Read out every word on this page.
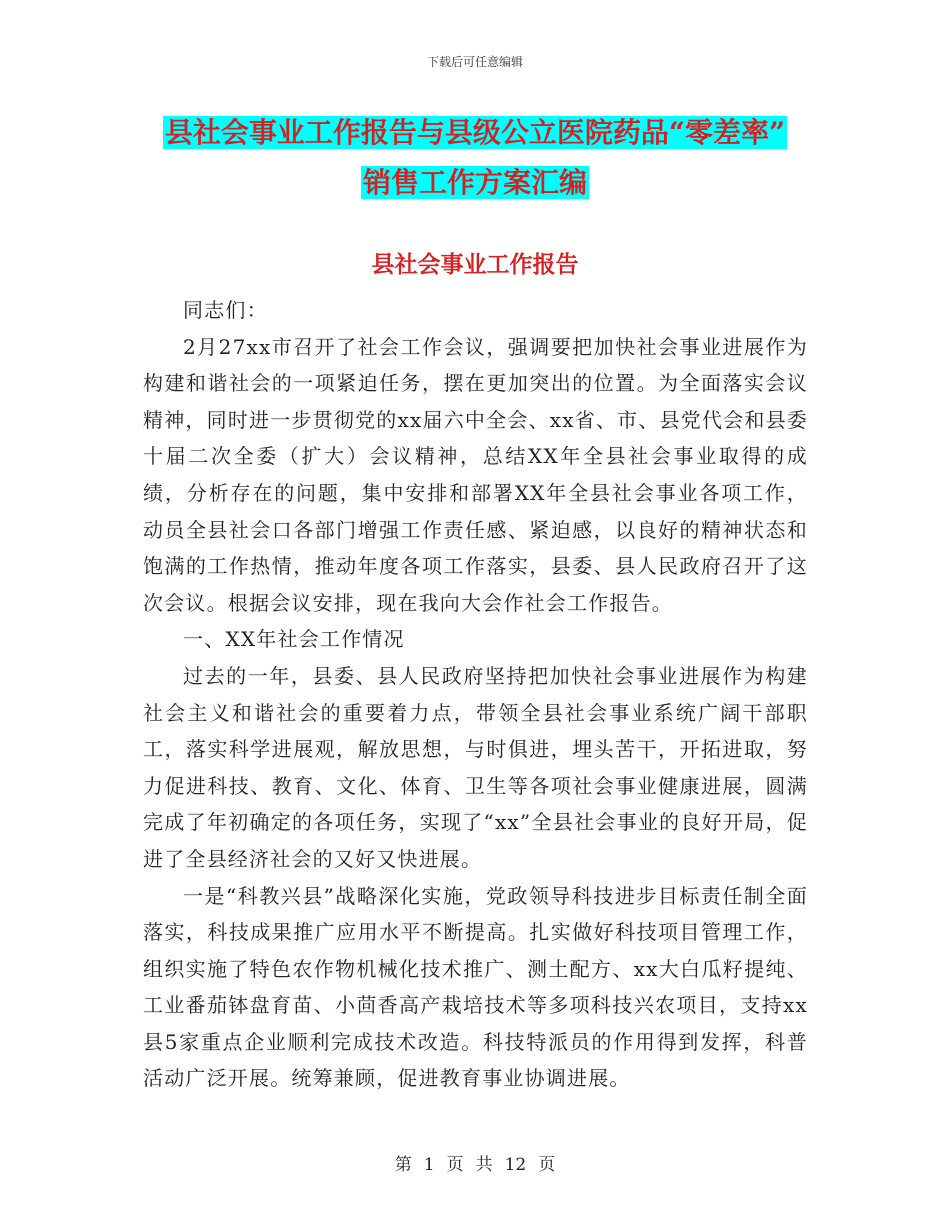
下载后可任意编辑
县社会事业工作报告与县级公立医院药品“零差率”
销售工作方案汇编
县社会事业工作报告

同志们：

2月27xx市召开了社会工作会议，强调要把加快社会事业进展作为构建和谐社会的一项紧迫任务，摆在更加突出的位置。为全面落实会议精神，同时进一步贯彻党的xx届六中全会、xx省、市、县党代会和县委十届二次全委（扩大）会议精神，总结XX年全县社会事业取得的成绩，分析存在的问题，集中安排和部署XX年全县社会事业各项工作，动员全县社会口各部门增强工作责任感、紧迫感，以良好的精神状态和饱满的工作热情，推动年度各项工作落实，县委、县人民政府召开了这次会议。根据会议安排，现在我向大会作社会工作报告。

一、XX年社会工作情况

过去的一年，县委、县人民政府坚持把加快社会事业进展作为构建社会主义和谐社会的重要着力点，带领全县社会事业系统广阔干部职工，落实科学进展观，解放思想，与时俱进，埋头苦干，开拓进取，努力促进科技、教育、文化、体育、卫生等各项社会事业健康进展，圆满完成了年初确定的各项任务，实现了“xx”全县社会事业的良好开局，促进了全县经济社会的又好又快进展。

一是“科教兴县”战略深化实施，党政领导科技进步目标责任制全面落实，科技成果推广应用水平不断提高。扎实做好科技项目管理工作，组织实施了特色农作物机械化技术推广、测土配方、xx大白瓜籽提纯、工业番茄钵盘育苗、小茴香高产栽培技术等多项科技兴农项目，支持xx县5家重点企业顺利完成技术改造。科技特派员的作用得到发挥，科普活动广泛开展。统筹兼顾，促进教育事业协调进展。

第 1 页 共 12 页
